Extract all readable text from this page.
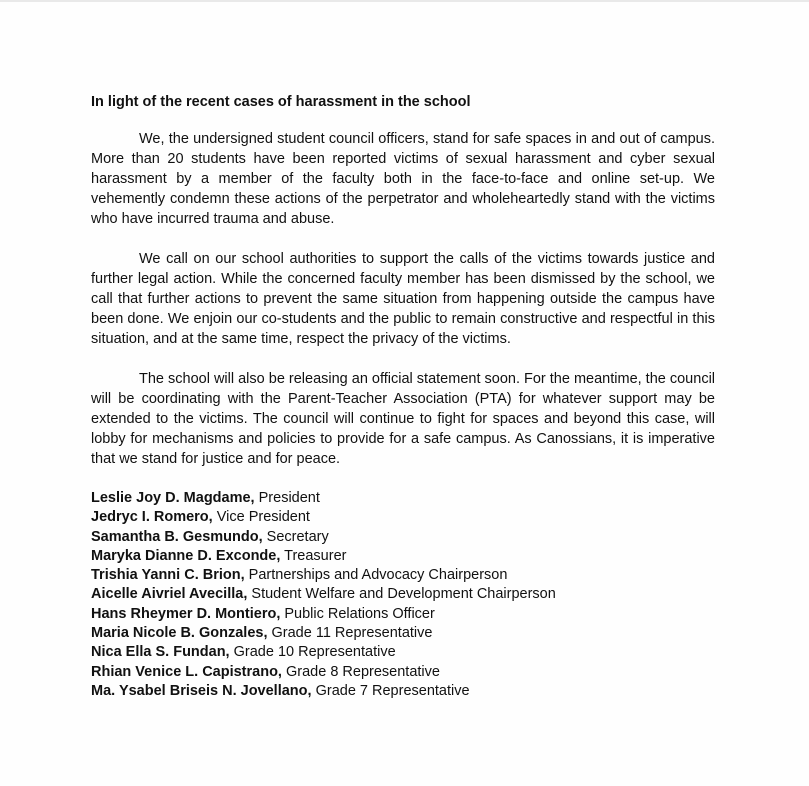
In light of the recent cases of harassment in the school

We, the undersigned student council officers, stand for safe spaces in and out of campus. More than 20 students have been reported victims of sexual harassment and cyber sexual harassment by a member of the faculty both in the face-to-face and online set-up. We vehemently condemn these actions of the perpetrator and wholeheartedly stand with the victims who have incurred trauma and abuse.

We call on our school authorities to support the calls of the victims towards justice and further legal action. While the concerned faculty member has been dismissed by the school, we call that further actions to prevent the same situation from happening outside the campus have been done. We enjoin our co-students and the public to remain constructive and respectful in this situation, and at the same time, respect the privacy of the victims.

The school will also be releasing an official statement soon. For the meantime, the council will be coordinating with the Parent-Teacher Association (PTA) for whatever support may be extended to the victims. The council will continue to fight for spaces and beyond this case, will lobby for mechanisms and policies to provide for a safe campus. As Canossians, it is imperative that we stand for justice and for peace.

Leslie Joy D. Magdame, President
Jedryc I. Romero, Vice President
Samantha B. Gesmundo, Secretary
Maryka Dianne D. Exconde, Treasurer
Trishia Yanni C. Brion, Partnerships and Advocacy Chairperson
Aicelle Aivriel Avecilla, Student Welfare and Development Chairperson
Hans Rheymer D. Montiero, Public Relations Officer
Maria Nicole B. Gonzales, Grade 11 Representative
Nica Ella S. Fundan, Grade 10 Representative
Rhian Venice L. Capistrano, Grade 8 Representative
Ma. Ysabel Briseis N. Jovellano, Grade 7 Representative
